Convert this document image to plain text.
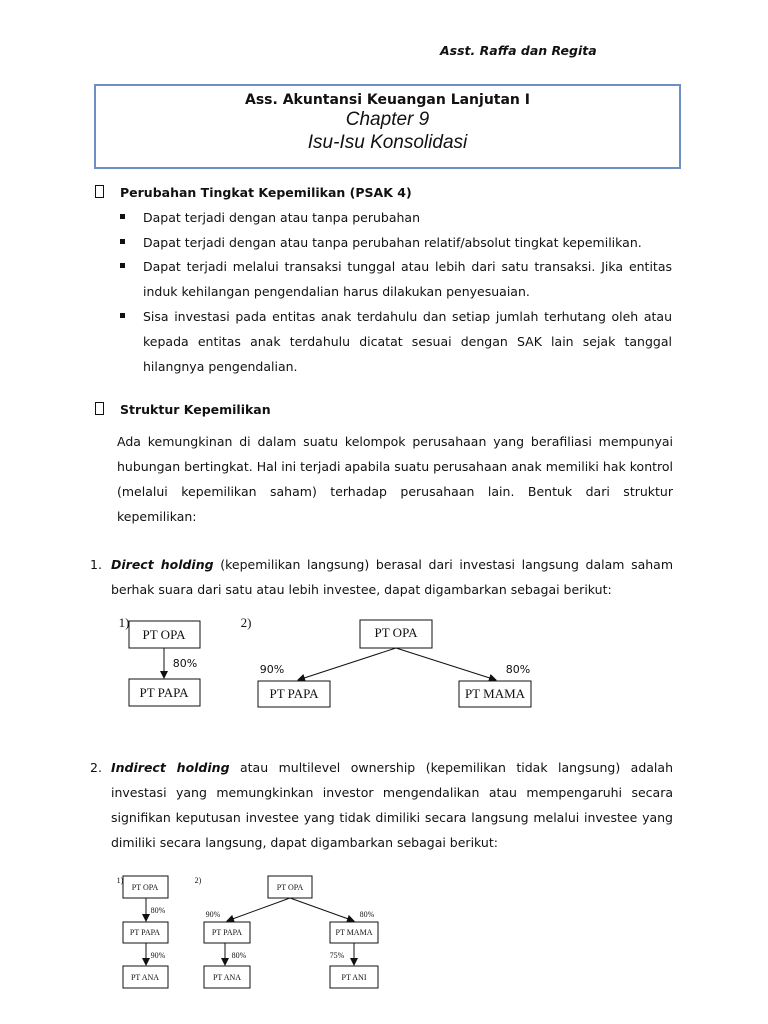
Asst. Raffa dan Regita
Ass. Akuntansi Keuangan Lanjutan I
Chapter 9
Isu-Isu Konsolidasi
Perubahan Tingkat Kepemilikan (PSAK 4)
Dapat terjadi dengan atau tanpa perubahan
Dapat terjadi dengan atau tanpa perubahan relatif/absolut tingkat kepemilikan.
Dapat terjadi melalui transaksi tunggal atau lebih dari satu transaksi. Jika entitas induk kehilangan pengendalian harus dilakukan penyesuaian.
Sisa investasi pada entitas anak terdahulu dan setiap jumlah terhutang oleh atau kepada entitas anak terdahulu dicatat sesuai dengan SAK lain sejak tanggal hilangnya pengendalian.
Struktur Kepemilikan
Ada kemungkinan di dalam suatu kelompok perusahaan yang berafiliasi mempunyai hubungan bertingkat. Hal ini terjadi apabila suatu perusahaan anak memiliki hak kontrol (melalui kepemilikan saham) terhadap perusahaan lain. Bentuk dari struktur kepemilikan:
1. Direct holding (kepemilikan langsung) berasal dari investasi langsung dalam saham berhak suara dari satu atau lebih investee, dapat digambarkan sebagai berikut:
1)	2)
PT OPA
PT PAPA
PT OPA
PT PAPA	PT MAMA
80%	90%	80%
1)	2)
PT OPA
PT PAPA
PT ANA
80%
90%
PT OPA
PT PAPA	PT MAMA
PT ANA	PT ANI
90%	80%
80%	75%
2. Indirect holding atau multilevel ownership (kepemilikan tidak langsung) adalah investasi yang memungkinkan investor mengendalikan atau mempengaruhi secara signifikan keputusan investee yang tidak dimiliki secara langsung melalui investee yang dimiliki secara langsung, dapat digambarkan sebagai berikut:
